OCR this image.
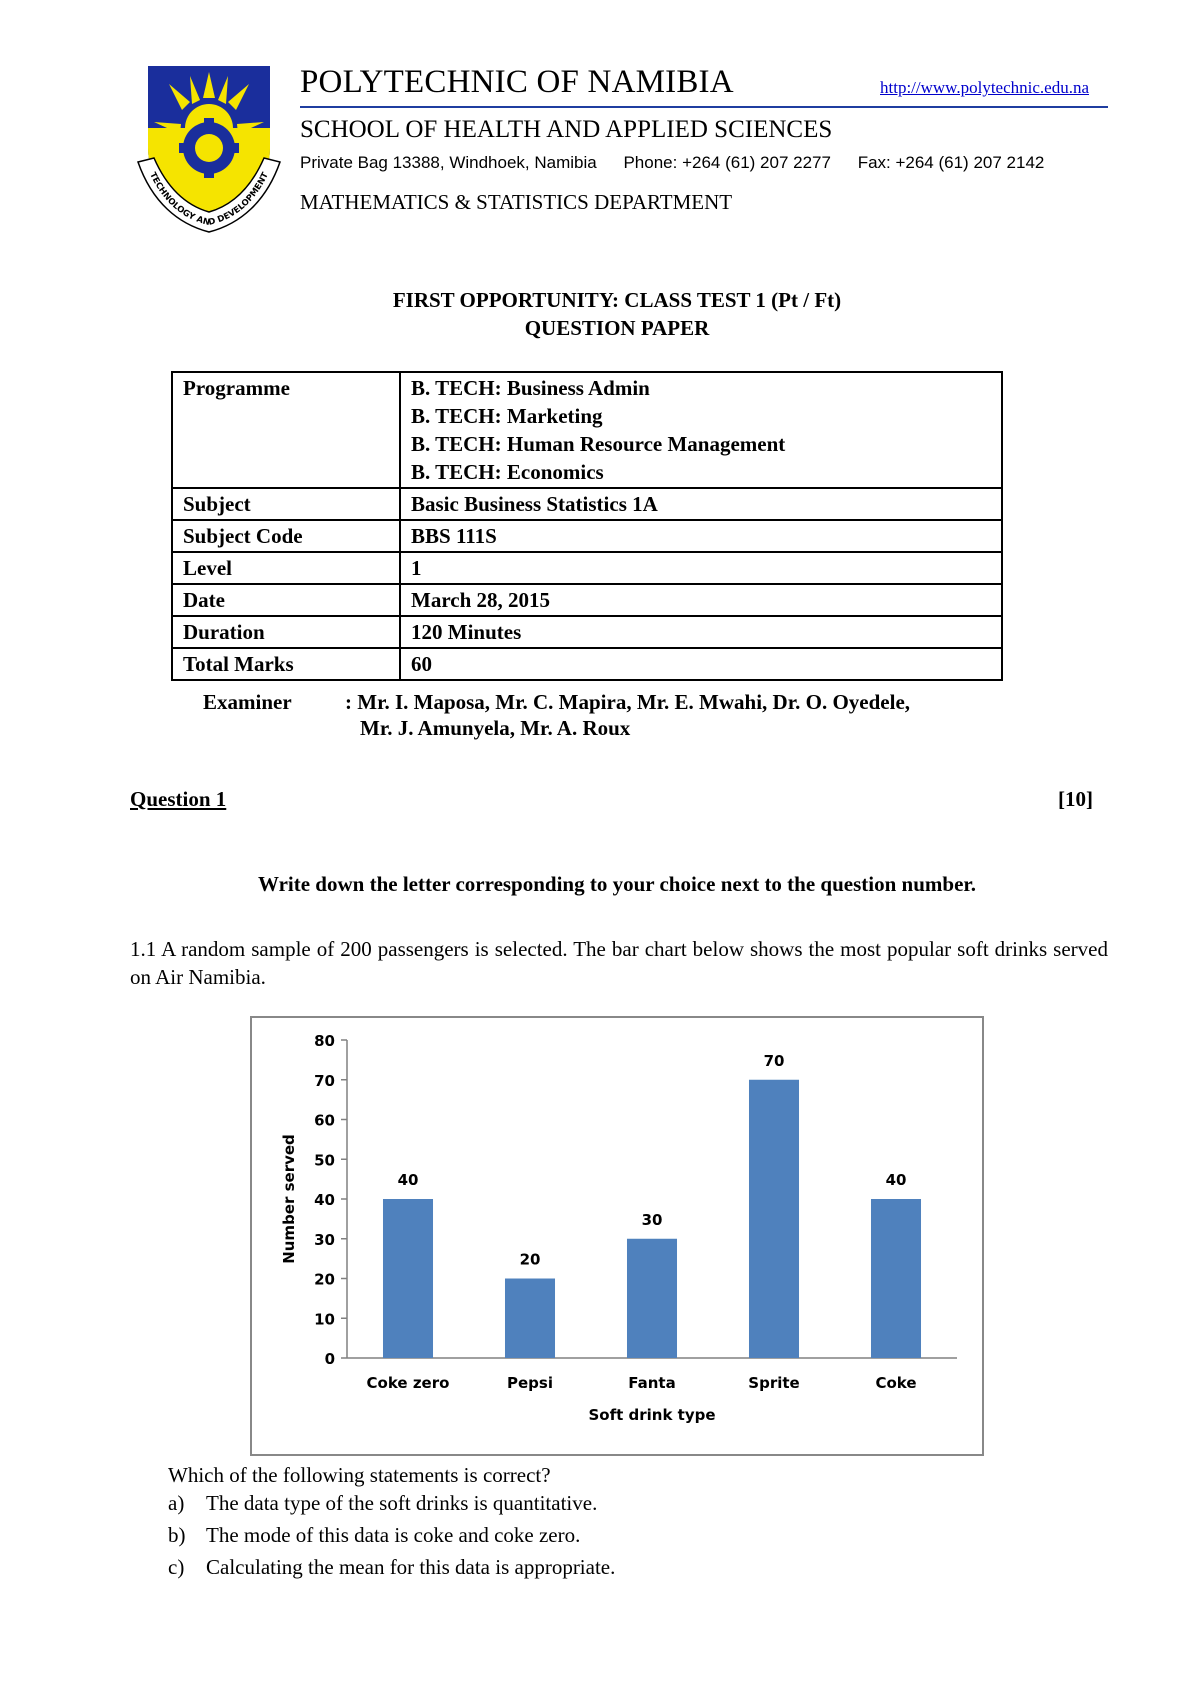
TECHNOLOGY AND DEVELOPMENT
POLYTECHNIC OF NAMIBIA	http://www.polytechnic.edu.na
SCHOOL OF HEALTH AND APPLIED SCIENCES
Private Bag 13388, Windhoek, Namibia Phone: +264 (61) 207 2277 Fax: +264 (61) 207 2142
MATHEMATICS & STATISTICS DEPARTMENT
FIRST OPPORTUNITY: CLASS TEST 1 (Pt / Ft)
QUESTION PAPER
Programme	B. TECH: Business Admin
B. TECH: Marketing
B. TECH: Human Resource Management
B. TECH: Economics

Subject	Basic Business Statistics 1A
Subject Code	BBS 111S
Level	1
Date	March 28, 2015
Duration	120 Minutes
Total Marks	60
Examiner	: Mr. I. Maposa, Mr. C. Mapira, Mr. E. Mwahi, Dr. O. Oyedele,
Mr. J. Amunyela, Mr. A. Roux
Question 1	[10]
Write down the letter corresponding to your choice next to the question number.
1.1 A random sample of 200 passengers is selected. The bar chart below shows the most popular soft drinks served on Air Namibia.
0
10
20
30
40
50
60
70
80
40
Coke zero
20
Pepsi
30
Fanta
70
Sprite
40
Coke
Soft drink type
Number served
Which of the following statements is correct?
a) The data type of the soft drinks is quantitative.
b) The mode of this data is coke and coke zero.
c) Calculating the mean for this data is appropriate.
